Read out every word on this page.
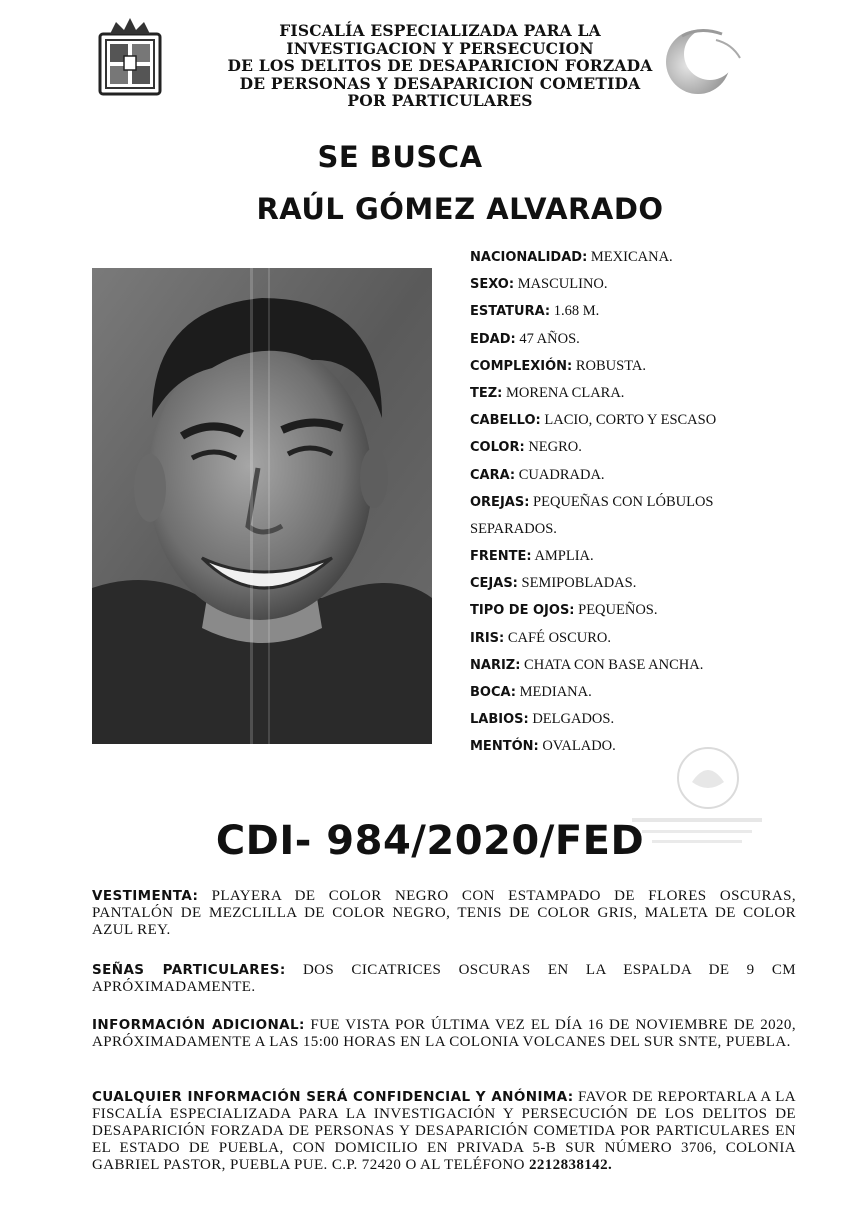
FISCALÍA ESPECIALIZADA PARA LA
INVESTIGACION Y PERSECUCION
DE LOS DELITOS DE DESAPARICION FORZADA
DE PERSONAS Y DESAPARICION COMETIDA
POR PARTICULARES
SE BUSCA
RAÚL GÓMEZ ALVARADO
NACIONALIDAD: MEXICANA.
SEXO: MASCULINO.
ESTATURA: 1.68 M.
EDAD: 47 AÑOS.
COMPLEXIÓN: ROBUSTA.
TEZ: MORENA CLARA.
CABELLO: LACIO, CORTO Y ESCASO
COLOR: NEGRO.
CARA: CUADRADA.
OREJAS: PEQUEÑAS CON LÓBULOS
SEPARADOS.
FRENTE: AMPLIA.
CEJAS: SEMIPOBLADAS.
TIPO DE OJOS: PEQUEÑOS.
IRIS: CAFÉ OSCURO.
NARIZ: CHATA CON BASE ANCHA.
BOCA: MEDIANA.
LABIOS: DELGADOS.
MENTÓN: OVALADO.
CDI- 984/2020/FED
VESTIMENTA: PLAYERA DE COLOR NEGRO CON ESTAMPADO DE FLORES OSCURAS, PANTALÓN DE MEZCLILLA DE COLOR NEGRO, TENIS DE COLOR GRIS, MALETA DE COLOR AZUL REY.
SEÑAS PARTICULARES: DOS CICATRICES OSCURAS EN LA ESPALDA DE 9 CM APRÓXIMADAMENTE.
INFORMACIÓN ADICIONAL: FUE VISTA POR ÚLTIMA VEZ EL DÍA 16 DE NOVIEMBRE DE 2020, APRÓXIMADAMENTE A LAS 15:00 HORAS EN LA COLONIA VOLCANES DEL SUR SNTE, PUEBLA.
CUALQUIER INFORMACIÓN SERÁ CONFIDENCIAL Y ANÓNIMA: FAVOR DE REPORTARLA A LA FISCALÍA ESPECIALIZADA PARA LA INVESTIGACIÓN Y PERSECUCIÓN DE LOS DELITOS DE DESAPARICIÓN FORZADA DE PERSONAS Y DESAPARICIÓN COMETIDA POR PARTICULARES EN EL ESTADO DE PUEBLA, CON DOMICILIO EN PRIVADA 5-B SUR NÚMERO 3706, COLONIA GABRIEL PASTOR, PUEBLA PUE. C.P. 72420 O AL TELÉFONO 2212838142.
